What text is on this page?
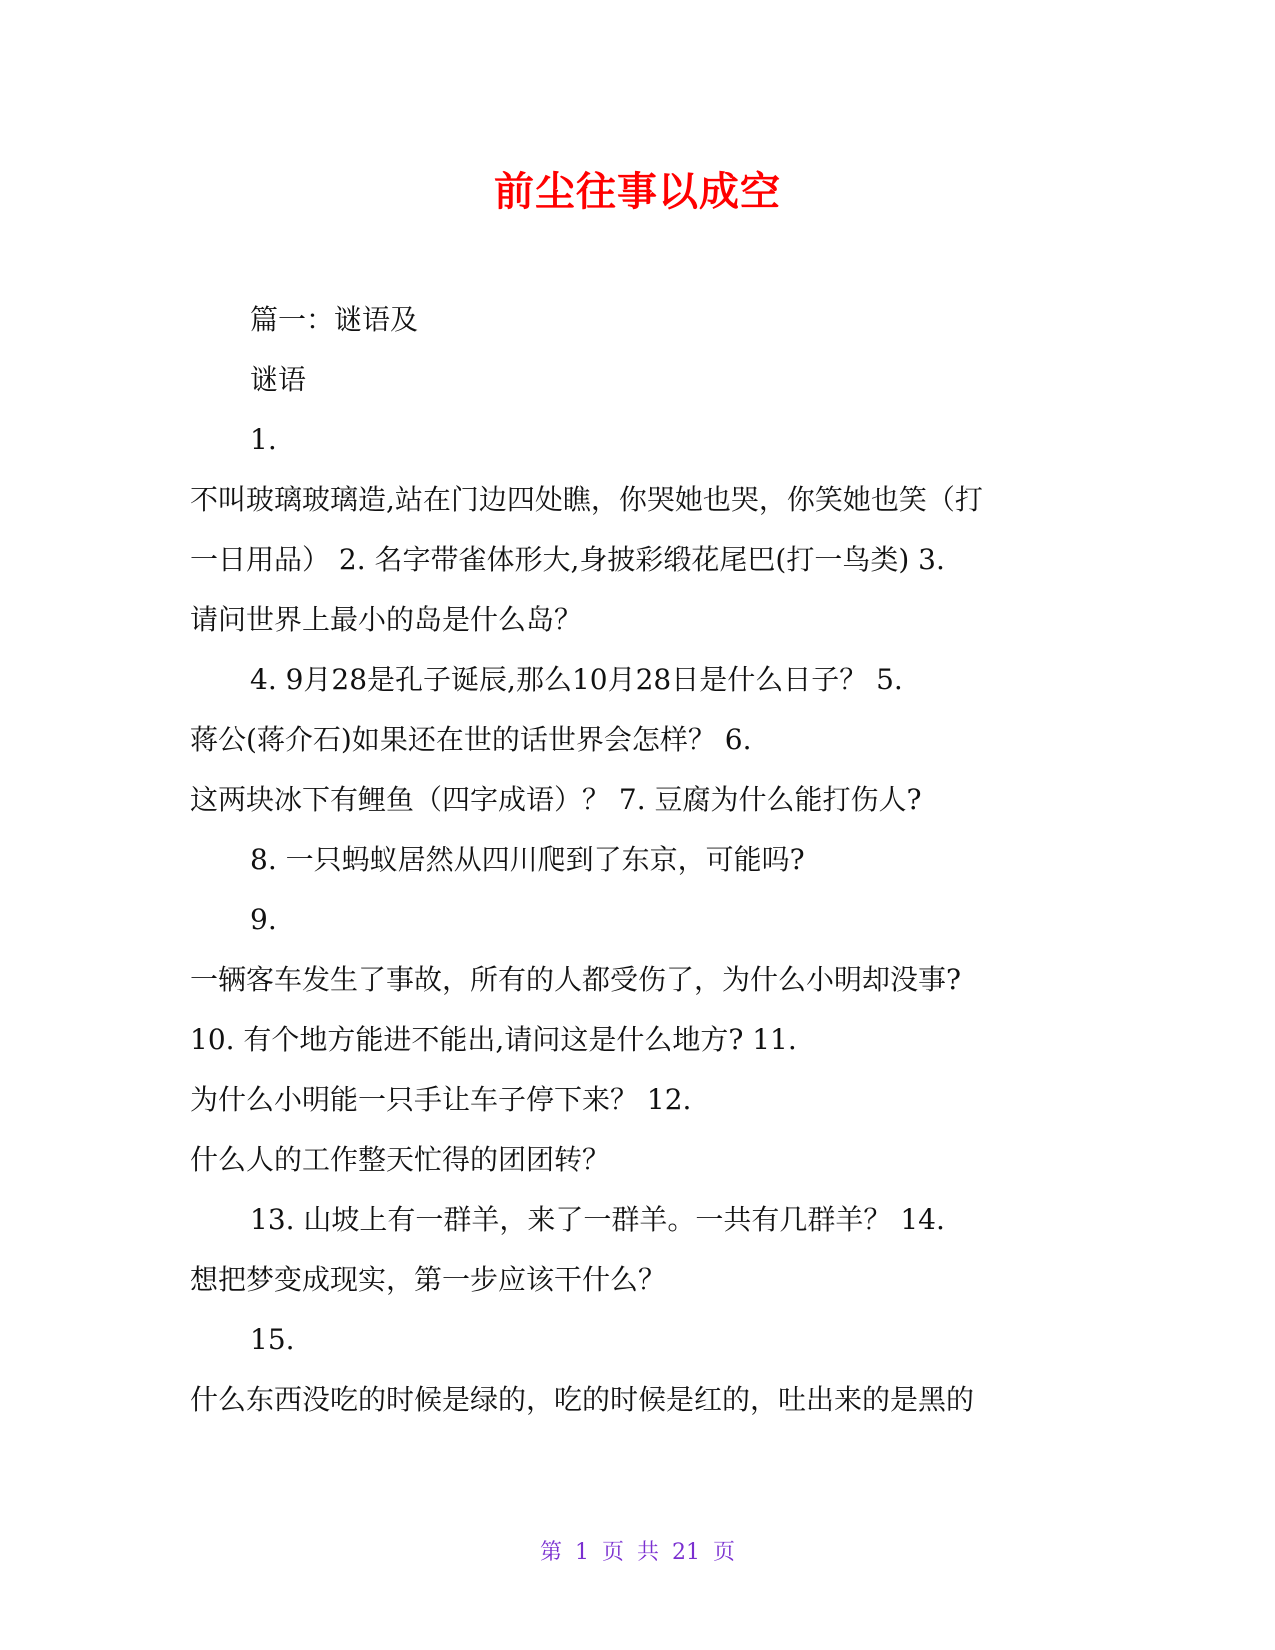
前尘往事以成空
篇一：谜语及
谜语
1.
不叫玻璃玻璃造,站在门边四处瞧，你哭她也哭，你笑她也笑（打
一日用品） 2. 名字带雀体形大,身披彩缎花尾巴(打一鸟类) 3.
请问世界上最小的岛是什么岛？
4. 9月28是孔子诞辰,那么10月28日是什么日子？ 5.
蒋公(蒋介石)如果还在世的话世界会怎样？ 6.
这两块冰下有鲤鱼（四字成语）？ 7. 豆腐为什么能打伤人?
8. 一只蚂蚁居然从四川爬到了东京，可能吗?
9.
一辆客车发生了事故，所有的人都受伤了，为什么小明却没事?
10. 有个地方能进不能出,请问这是什么地方? 11.
为什么小明能一只手让车子停下来？ 12.
什么人的工作整天忙得的团团转？
13. 山坡上有一群羊，来了一群羊。一共有几群羊？ 14.
想把梦变成现实，第一步应该干什么？
15.
什么东西没吃的时候是绿的，吃的时候是红的，吐出来的是黑的
第 1 页 共 21 页
